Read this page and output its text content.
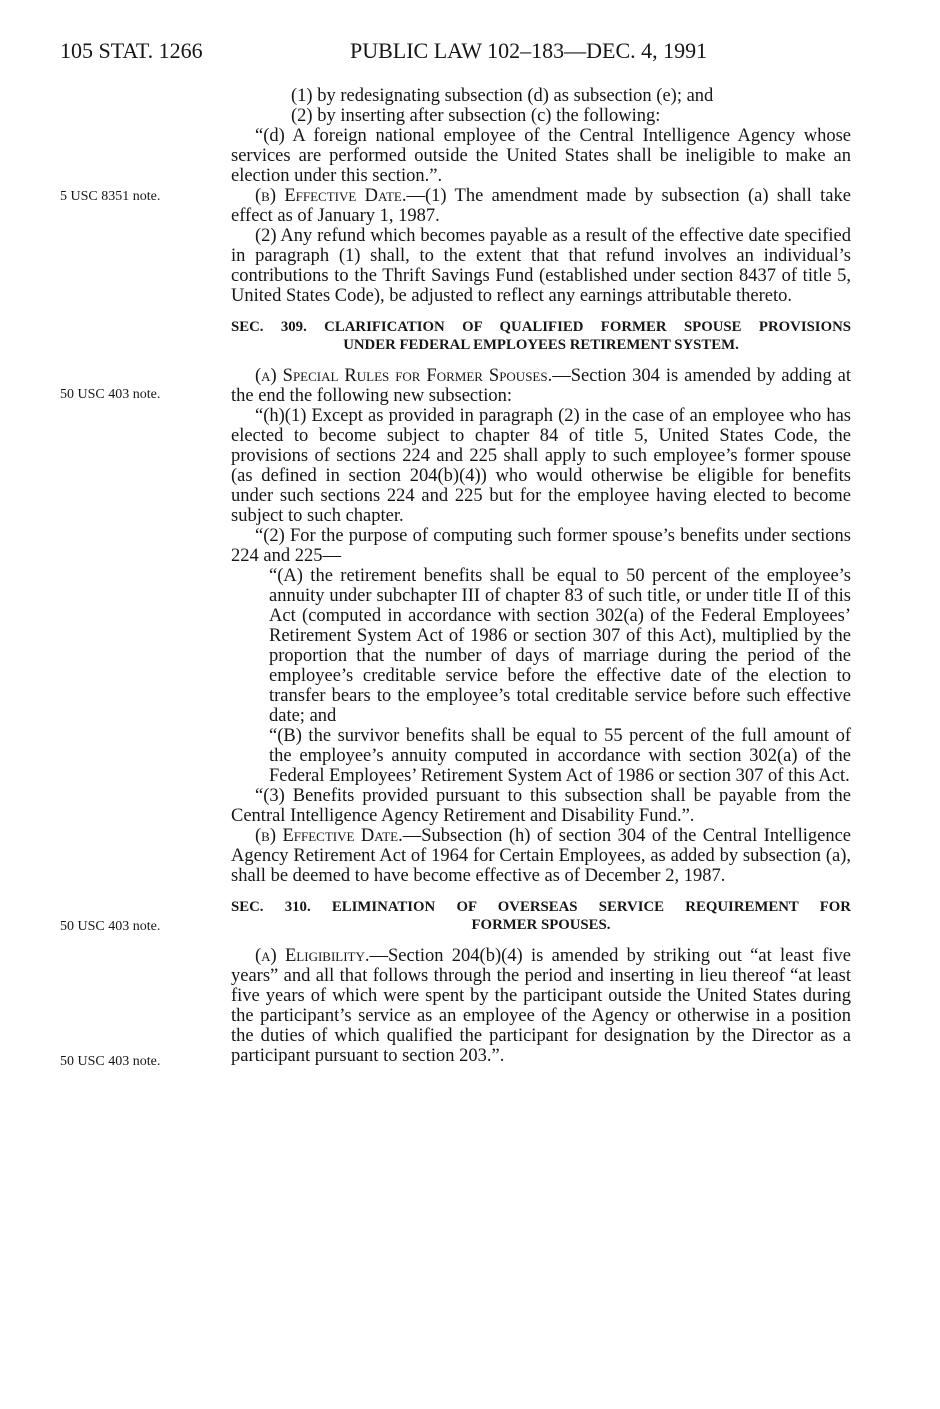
105 STAT. 1266	PUBLIC LAW 102–183—DEC. 4, 1991
5 USC 8351 note.
50 USC 403 note.
50 USC 403 note.
50 USC 403 note.

(1) by redesignating subsection (d) as subsection (e); and

(2) by inserting after subsection (c) the following:

“(d) A foreign national employee of the Central Intelligence Agency whose services are performed outside the United States shall be ineligible to make an election under this section.”.

(b) Effective Date.—(1) The amendment made by subsection (a) shall take effect as of January 1, 1987.

(2) Any refund which becomes payable as a result of the effective date specified in paragraph (1) shall, to the extent that that refund involves an individual’s contributions to the Thrift Savings Fund (established under section 8437 of title 5, United States Code), be adjusted to reflect any earnings attributable thereto.

SEC. 309. CLARIFICATION OF QUALIFIED FORMER SPOUSE PROVISIONS
UNDER FEDERAL EMPLOYEES RETIREMENT SYSTEM.

(a) Special Rules for Former Spouses.—Section 304 is amended by adding at the end the following new subsection:

“(h)(1) Except as provided in paragraph (2) in the case of an employee who has elected to become subject to chapter 84 of title 5, United States Code, the provisions of sections 224 and 225 shall apply to such employee’s former spouse (as defined in section 204(b)(4)) who would otherwise be eligible for benefits under such sections 224 and 225 but for the employee having elected to become subject to such chapter.

“(2) For the purpose of computing such former spouse’s benefits under sections 224 and 225—

“(A) the retirement benefits shall be equal to 50 percent of the employee’s annuity under subchapter III of chapter 83 of such title, or under title II of this Act (computed in accordance with section 302(a) of the Federal Employees’ Retirement System Act of 1986 or section 307 of this Act), multiplied by the proportion that the number of days of marriage during the period of the employee’s creditable service before the effective date of the election to transfer bears to the employee’s total creditable service before such effective date; and

“(B) the survivor benefits shall be equal to 55 percent of the full amount of the employee’s annuity computed in accordance with section 302(a) of the Federal Employees’ Retirement System Act of 1986 or section 307 of this Act.

“(3) Benefits provided pursuant to this subsection shall be payable from the Central Intelligence Agency Retirement and Disability Fund.”.

(b) Effective Date.—Subsection (h) of section 304 of the Central Intelligence Agency Retirement Act of 1964 for Certain Employees, as added by subsection (a), shall be deemed to have become effective as of December 2, 1987.

SEC. 310. ELIMINATION OF OVERSEAS SERVICE REQUIREMENT FOR
FORMER SPOUSES.

(a) Eligibility.—Section 204(b)(4) is amended by striking out “at least five years” and all that follows through the period and inserting in lieu thereof “at least five years of which were spent by the participant outside the United States during the participant’s service as an employee of the Agency or otherwise in a position the duties of which qualified the participant for designation by the Director as a participant pursuant to section 203.”.
